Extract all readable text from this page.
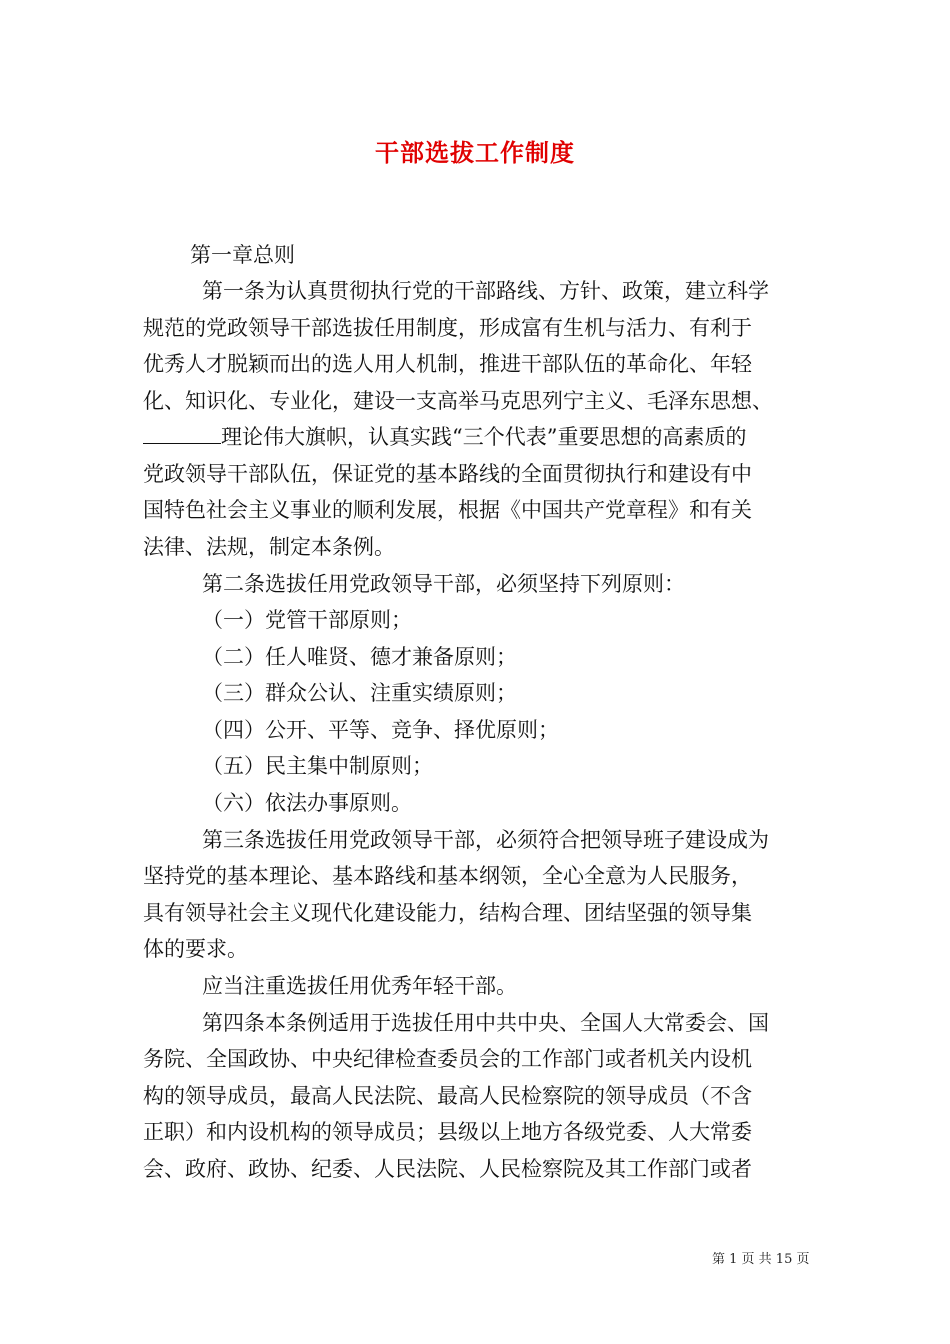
干部选拔工作制度
第一章总则
第一条为认真贯彻执行党的干部路线、方针、政策，建立科学
规范的党政领导干部选拔任用制度，形成富有生机与活力、有利于
优秀人才脱颖而出的选人用人机制，推进干部队伍的革命化、年轻
化、知识化、专业化，建设一支高举马克思列宁主义、毛泽东思想、
理论伟大旗帜，认真实践“三个代表”重要思想的高素质的
党政领导干部队伍，保证党的基本路线的全面贯彻执行和建设有中
国特色社会主义事业的顺利发展，根据《中国共产党章程》和有关
法律、法规，制定本条例。
第二条选拔任用党政领导干部，必须坚持下列原则：
（一）党管干部原则；
（二）任人唯贤、德才兼备原则；
（三）群众公认、注重实绩原则；
（四）公开、平等、竞争、择优原则；
（五）民主集中制原则；
（六）依法办事原则。
第三条选拔任用党政领导干部，必须符合把领导班子建设成为
坚持党的基本理论、基本路线和基本纲领，全心全意为人民服务，
具有领导社会主义现代化建设能力，结构合理、团结坚强的领导集
体的要求。
应当注重选拔任用优秀年轻干部。
第四条本条例适用于选拔任用中共中央、全国人大常委会、国
务院、全国政协、中央纪律检查委员会的工作部门或者机关内设机
构的领导成员，最高人民法院、最高人民检察院的领导成员（不含
正职）和内设机构的领导成员；县级以上地方各级党委、人大常委
会、政府、政协、纪委、人民法院、人民检察院及其工作部门或者
第 1 页 共 15 页
